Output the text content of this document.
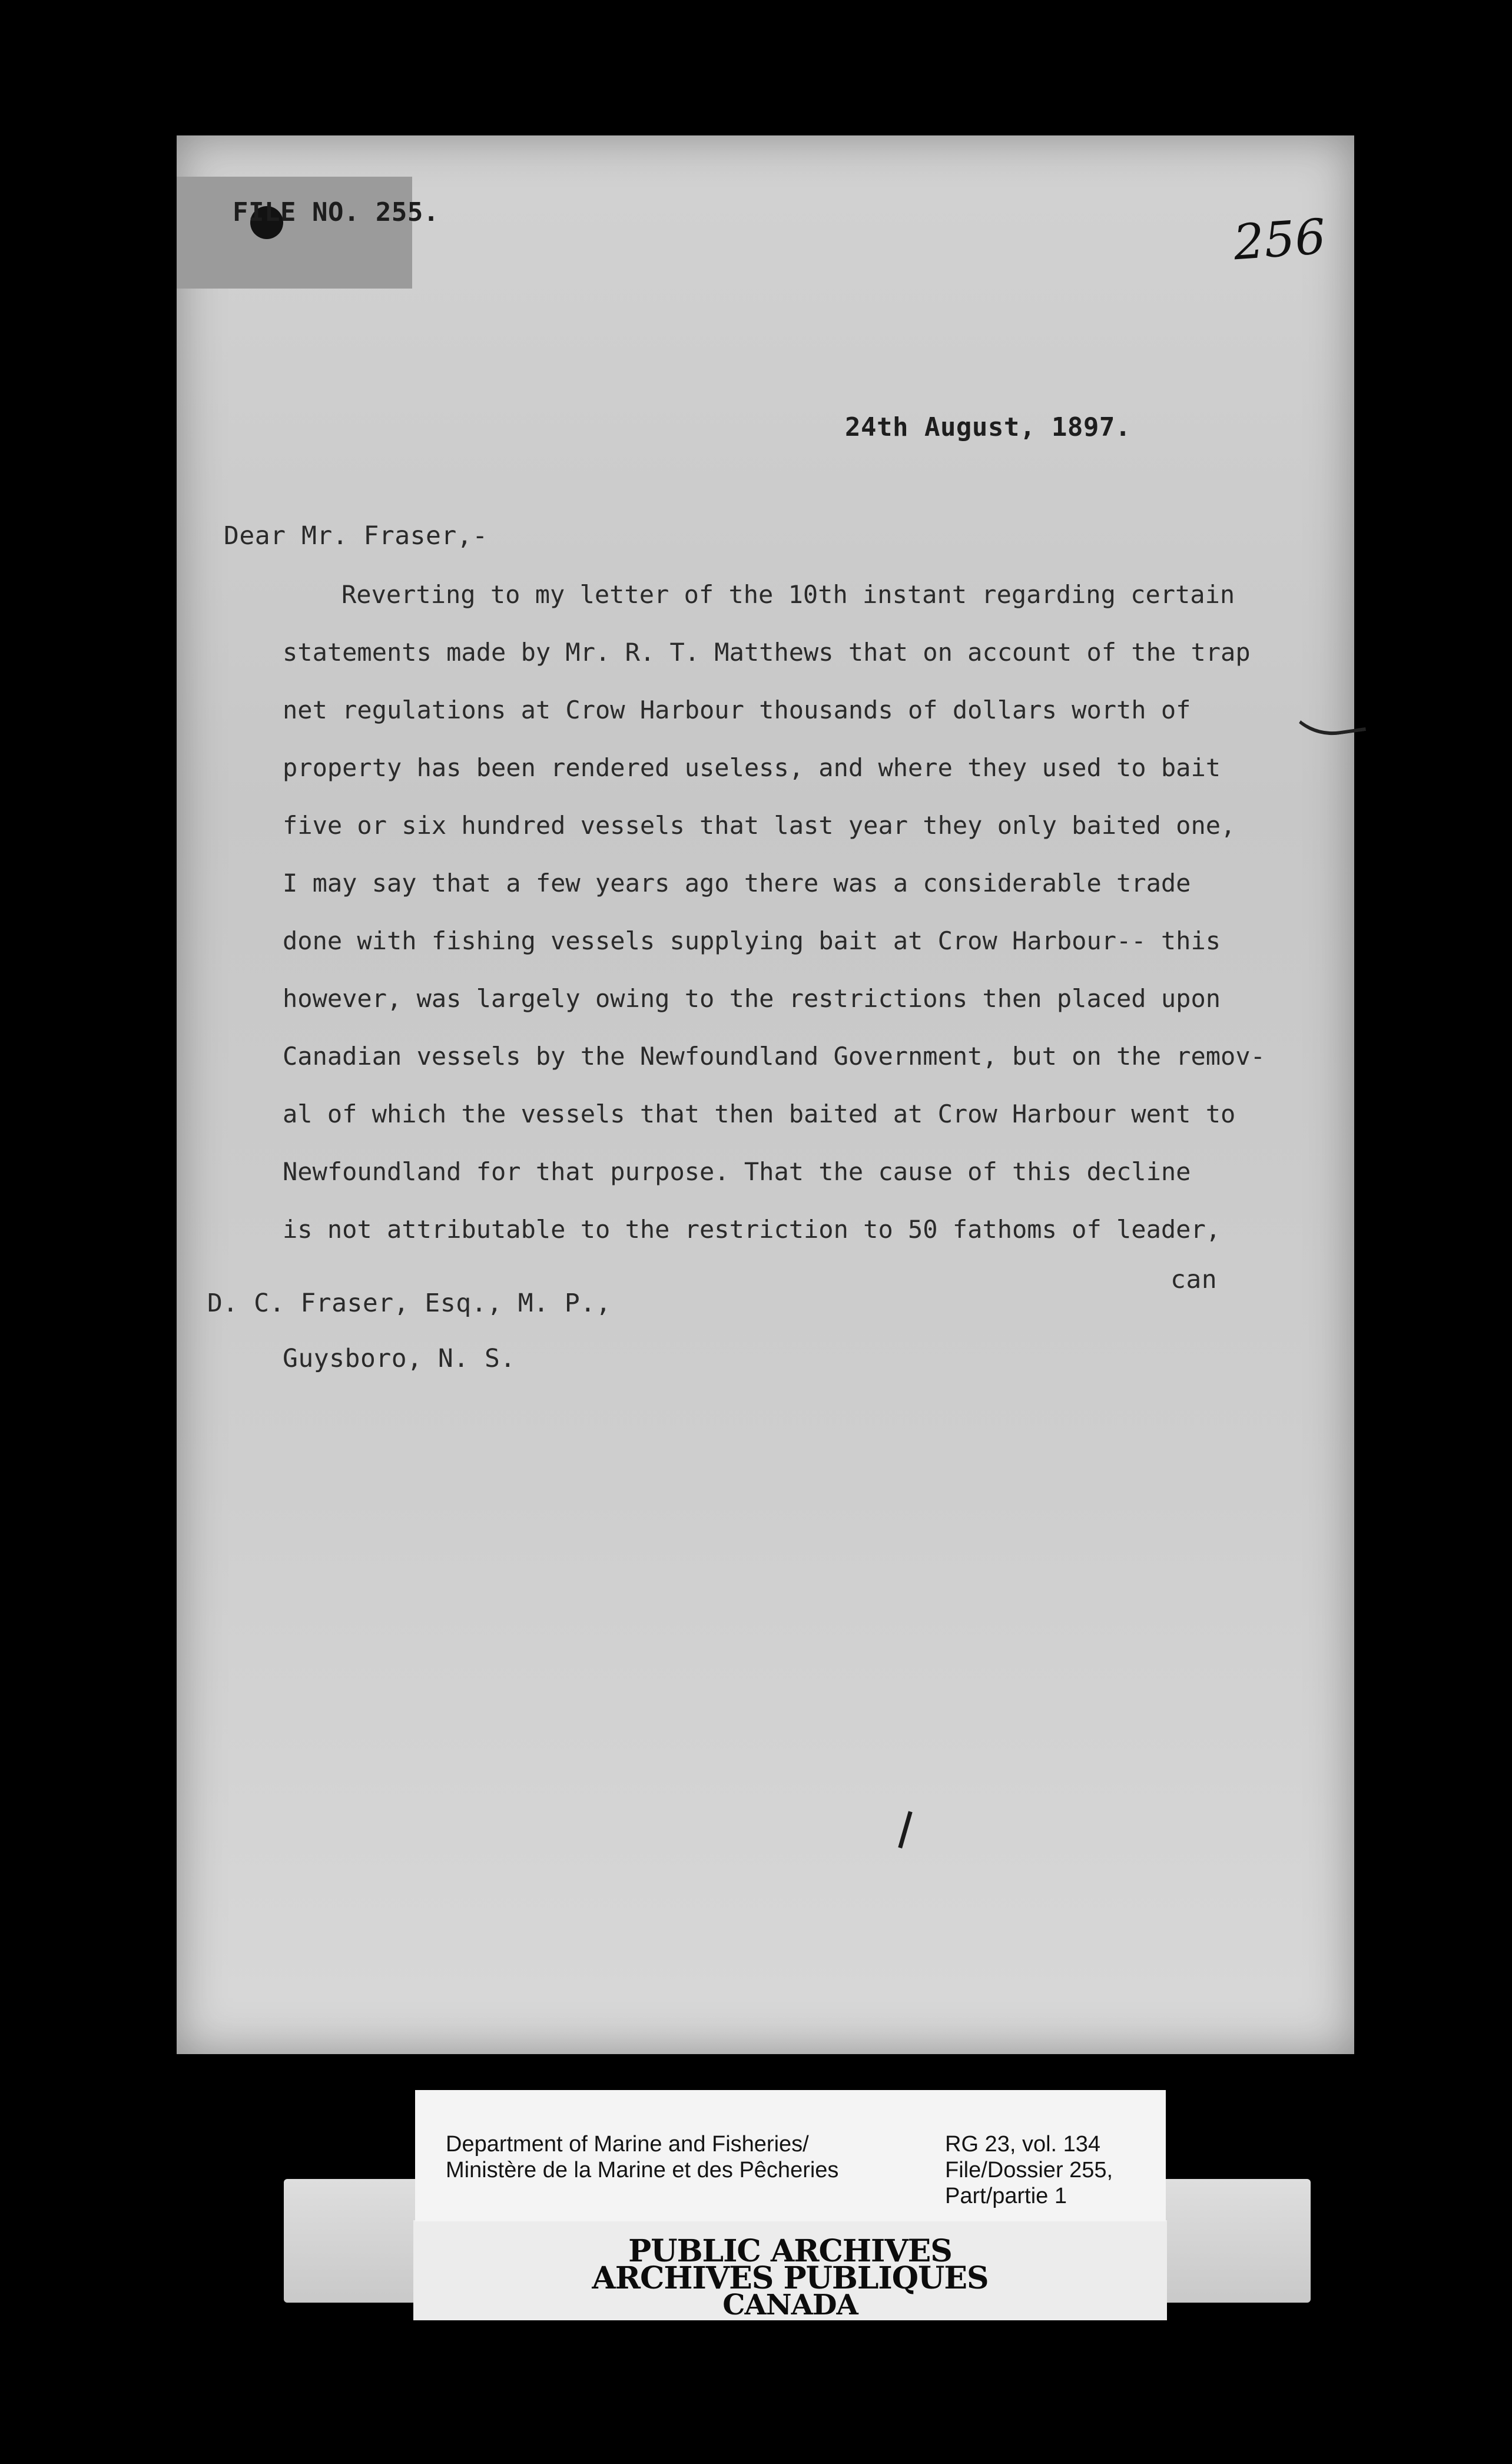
FILE NO. 255.	256
24th August, 1897.
Dear Mr. Fraser,-
Reverting to my letter of the 10th instant regarding certain
statements made by Mr. R. T. Matthews that on account of the trap
net regulations at Crow Harbour thousands of dollars worth of
property has been rendered useless, and where they used to bait
five or six hundred vessels that last year they only baited one,
I may say that a few years ago there was a considerable trade
done with fishing vessels supplying bait at Crow Harbour-- this
however, was largely owing to the restrictions then placed upon
Canadian vessels by the Newfoundland Government, but on the remov-
al of which the vessels that then baited at Crow Harbour went to
Newfoundland for that purpose. That the cause of this decline
is not attributable to the restriction to 50 fathoms of leader,
can
D. C. Fraser, Esq., M. P.,
Guysboro, N. S.
PUBLIC ARCHIVES
ARCHIVES PUBLIQUES
CANADA
Department of Marine and Fisheries/
Ministère de la Marine et des Pêcheries
RG 23, vol. 134
File/Dossier 255,
Part/partie 1
